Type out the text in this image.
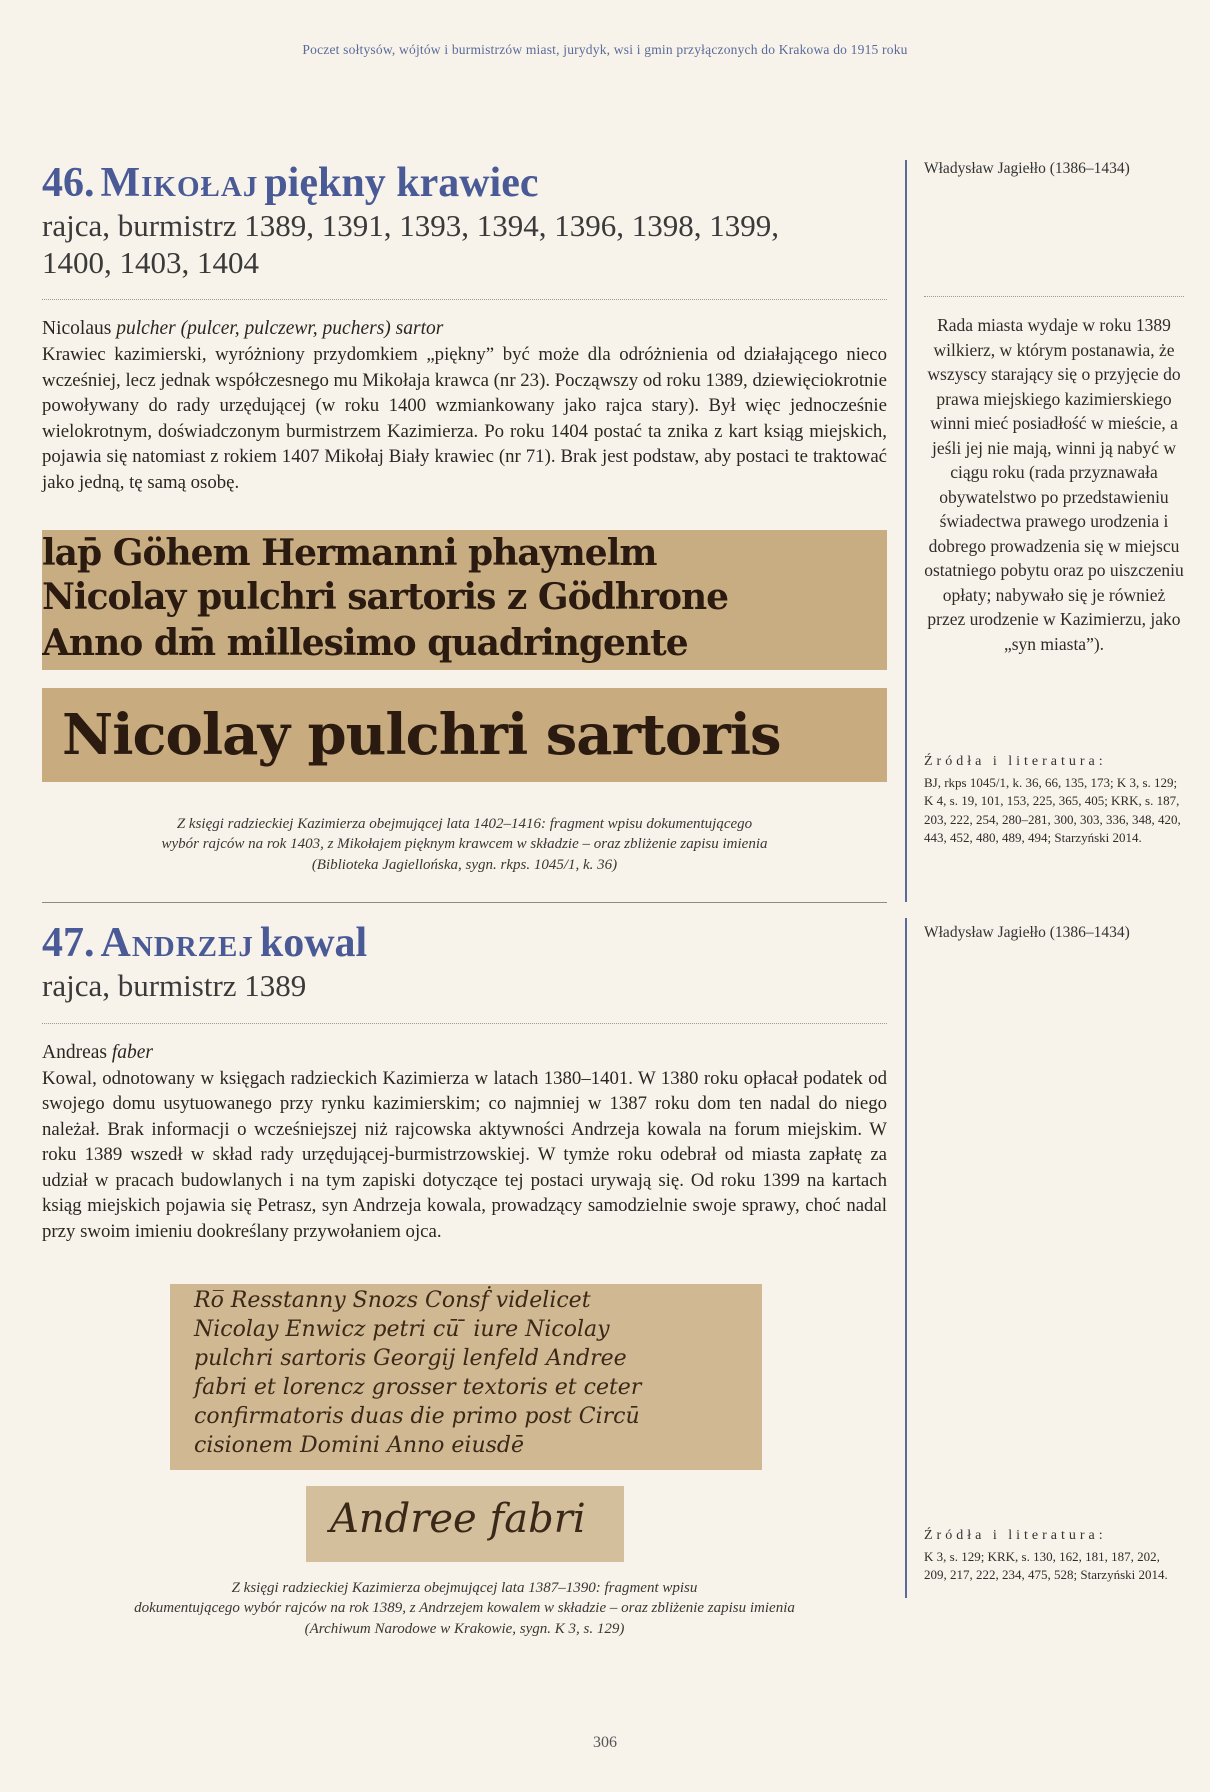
Poczet sołtysów, wójtów i burmistrzów miast, jurydyk, wsi i gmin przyłączonych do Krakowa do 1915 roku
46. Mikołaj piękny krawiec
rajca, burmistrz 1389, 1391, 1393, 1394, 1396, 1398, 1399,
1400, 1403, 1404
Nicolaus pulcher (pulcer, pulczewr, puchers) sartor

Krawiec kazimierski, wyróżniony przydomkiem „piękny” być może dla odróżnienia od działającego nieco wcześniej, lecz jednak współczesnego mu Mikołaja krawca (nr 23). Począwszy od roku 1389, dziewięciokrotnie powoływany do rady urzędującej (w roku 1400 wzmiankowany jako rajca stary). Był więc jednocześnie wielokrotnym, doświadczonym burmistrzem Kazimierza. Po roku 1404 postać ta znika z kart ksiąg miejskich, pojawia się natomiast z rokiem 1407 Mikołaj Biały krawiec (nr 71). Brak jest podstaw, aby postaci te traktować jako jedną, tę samą osobę.

lap̄ Göhem Hermanni phaynelm
Nicolay pulchri sartoris z Gödhrone
Anno dm̄ millesimo quadringente
Nicolay pulchri sartoris
Z księgi radzieckiej Kazimierza obejmującej lata 1402–1416: fragment wpisu dokumentującego
wybór rajców na rok 1403, z Mikołajem pięknym krawcem w składzie – oraz zbliżenie zapisu imienia
(Biblioteka Jagiellońska, sygn. rkps. 1045/1, k. 36)
Władysław Jagiełło (1386–1434)
Rada miasta wydaje w roku 1389 wilkierz, w którym postanawia, że wszyscy starający się o przyjęcie do prawa miejskiego kazimierskiego winni mieć posiadłość w mieście, a jeśli jej nie mają, winni ją nabyć w ciągu roku (rada przyznawała obywatelstwo po przedstawieniu świadectwa prawego urodzenia i dobrego prowadzenia się w miejscu ostatniego pobytu oraz po uiszczeniu opłaty; nabywało się je również przez urodzenie w Kazimierzu, jako „syn miasta”).
Źródła i literatura:
BJ, rkps 1045/1, k. 36, 66, 135, 173; K 3, s. 129; K 4, s. 19, 101, 153, 225, 365, 405; KRK, s. 187, 203, 222, 254, 280–281, 300, 303, 336, 348, 420, 443, 452, 480, 489, 494; Starzyński 2014.
47. Andrzej kowal
rajca, burmistrz 1389
Andreas faber

Kowal, odnotowany w księgach radzieckich Kazimierza w latach 1380–1401. W 1380 roku opłacał podatek od swojego domu usytuowanego przy rynku kazimierskim; co najmniej w 1387 roku dom ten nadal do niego należał. Brak informacji o wcześniejszej niż rajcowska aktywności Andrzeja kowala na forum miejskim. W roku 1389 wszedł w skład rady urzędującej-burmistrzowskiej. W tymże roku odebrał od miasta zapłatę za udział w pracach budowlanych i na tym zapiski dotyczące tej postaci urywają się. Od roku 1399 na kartach ksiąg miejskich pojawia się Petrasz, syn Andrzeja kowala, prowadzący samodzielnie swoje sprawy, choć nadal przy swoim imieniu dookreślany przywołaniem ojca.

Ro̅ Resstanny Snozs Consḟ videlicet
Nicolay Enwicz petri cū ̄ iure Nicolay
pulchri sartoris Georgij lenfeld Andree
fabri et lorencz grosser textoris et ceter
confirmatoris duas die primo post Circū
cisionem Domini Anno eiusdē
Andree fabri
Z księgi radzieckiej Kazimierza obejmującej lata 1387–1390: fragment wpisu
dokumentującego wybór rajców na rok 1389, z Andrzejem kowalem w składzie – oraz zbliżenie zapisu imienia
(Archiwum Narodowe w Krakowie, sygn. K 3, s. 129)
Władysław Jagiełło (1386–1434)
Źródła i literatura:
K 3, s. 129; KRK, s. 130, 162, 181, 187, 202, 209, 217, 222, 234, 475, 528; Starzyński 2014.
306
